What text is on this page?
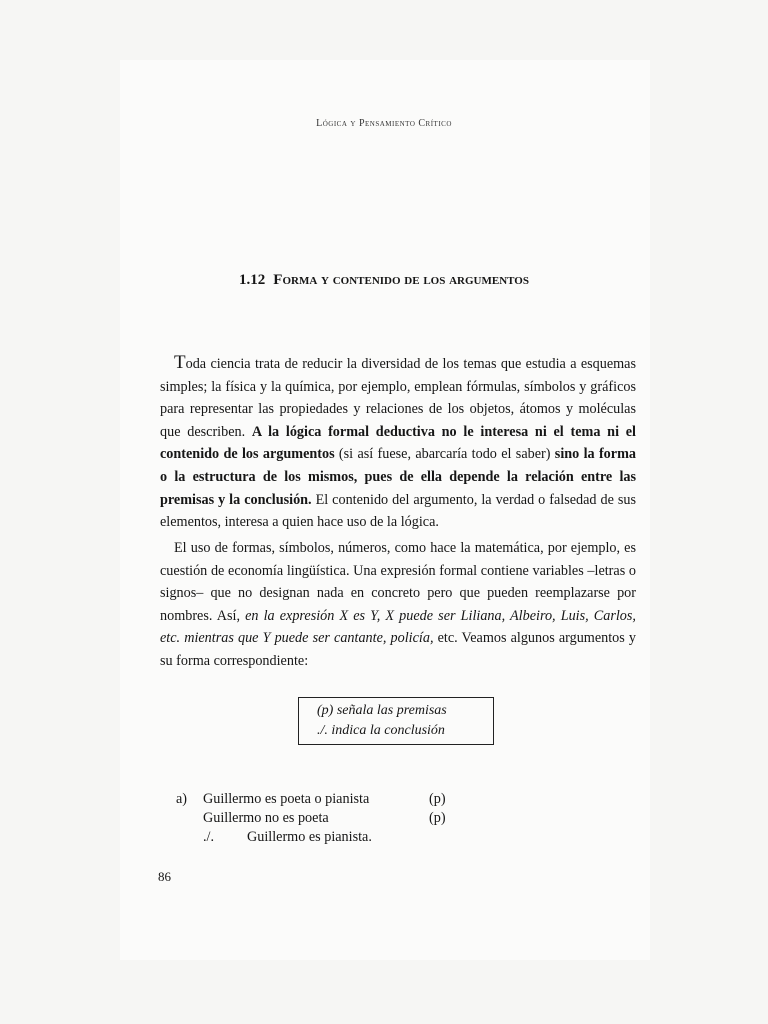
Lógica y Pensamiento Crítico
1.12 Forma y contenido de los argumentos

Toda ciencia trata de reducir la diversidad de los temas que estudia a esquemas simples; la física y la química, por ejemplo, emplean fórmulas, símbolos y gráficos para representar las propiedades y relaciones de los objetos, átomos y moléculas que describen. A la lógica formal deductiva no le interesa ni el tema ni el contenido de los argumentos (si así fuese, abarcaría todo el saber) sino la forma o la estructura de los mismos, pues de ella depende la relación entre las premisas y la conclusión. El contenido del argumento, la verdad o falsedad de sus elementos, interesa a quien hace uso de la lógica.

El uso de formas, símbolos, números, como hace la matemática, por ejemplo, es cuestión de economía lingüística. Una expresión formal contiene variables –letras o signos– que no designan nada en concreto pero que pueden reemplazarse por nombres. Así, en la expresión X es Y, X puede ser Liliana, Albeiro, Luis, Carlos, etc. mientras que Y puede ser cantante, policía, etc. Veamos algunos argumentos y su forma correspondiente:

(p) señala las premisas
./. indica la conclusión
a) Guillermo es poeta o pianista	(p)
Guillermo no es poeta	(p)
./. Guillermo es pianista.
86
